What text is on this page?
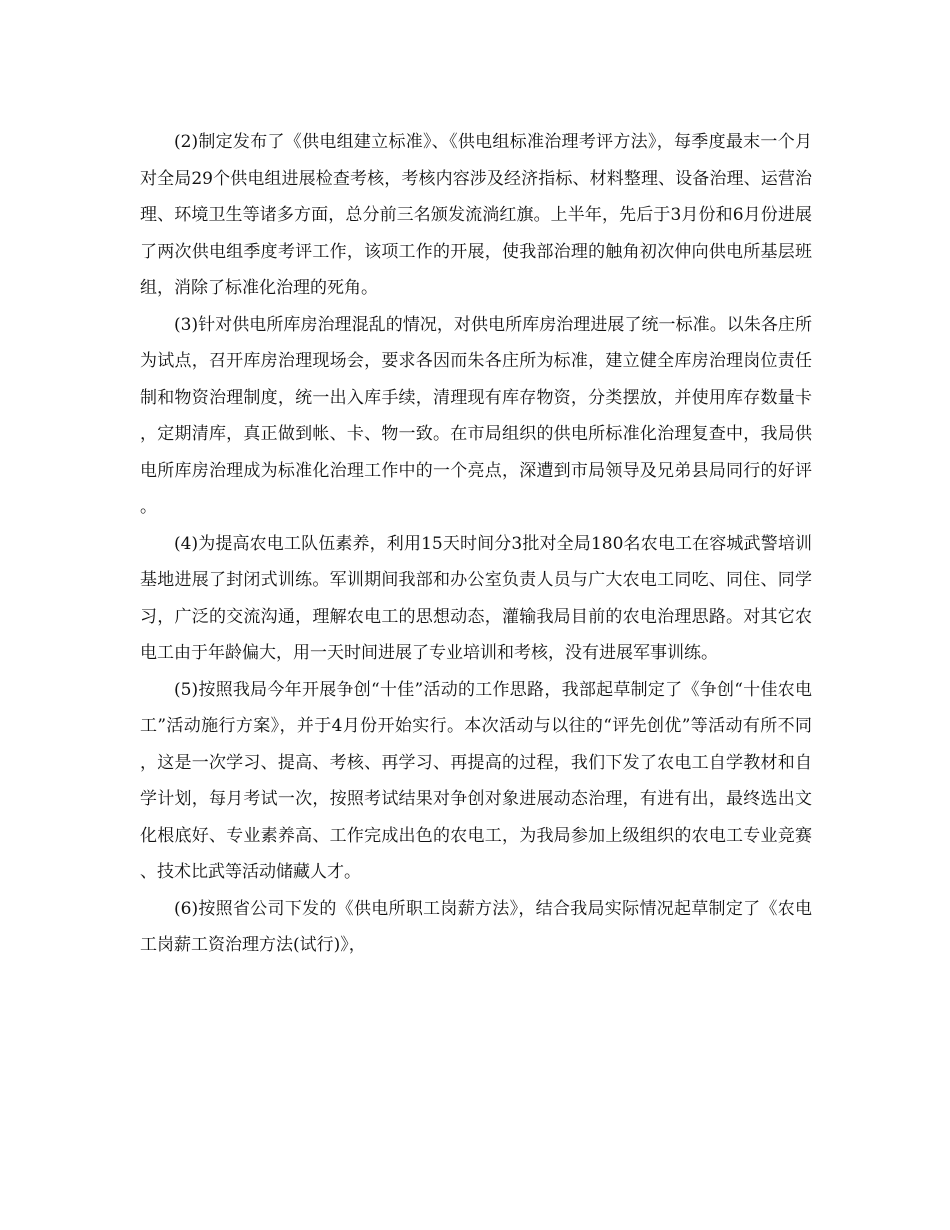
(2)制定发布了《供电组建立标准》、《供电组标准治理考评方法》，每季度最末一个月对全局29个供电组进展检查考核，考核内容涉及经济指标、材料整理、设备治理、运营治理、环境卫生等诸多方面，总分前三名颁发流淌红旗。上半年，先后于3月份和6月份进展了两次供电组季度考评工作，该项工作的开展，使我部治理的触角初次伸向供电所基层班组，消除了标准化治理的死角。

(3)针对供电所库房治理混乱的情况，对供电所库房治理进展了统一标准。以朱各庄所为试点，召开库房治理现场会，要求各因而朱各庄所为标准，建立健全库房治理岗位责任制和物资治理制度，统一出入库手续，清理现有库存物资，分类摆放，并使用库存数量卡，定期清库，真正做到帐、卡、物一致。在市局组织的供电所标准化治理复查中，我局供电所库房治理成为标准化治理工作中的一个亮点，深遭到市局领导及兄弟县局同行的好评。

(4)为提高农电工队伍素养，利用15天时间分3批对全局180名农电工在容城武警培训基地进展了封闭式训练。军训期间我部和办公室负责人员与广大农电工同吃、同住、同学习，广泛的交流沟通，理解农电工的思想动态，灌输我局目前的农电治理思路。对其它农电工由于年龄偏大，用一天时间进展了专业培训和考核，没有进展军事训练。

(5)按照我局今年开展争创“十佳”活动的工作思路，我部起草制定了《争创“十佳农电工”活动施行方案》，并于4月份开始实行。本次活动与以往的“评先创优”等活动有所不同，这是一次学习、提高、考核、再学习、再提高的过程，我们下发了农电工自学教材和自学计划，每月考试一次，按照考试结果对争创对象进展动态治理，有进有出，最终选出文化根底好、专业素养高、工作完成出色的农电工，为我局参加上级组织的农电工专业竞赛、技术比武等活动储藏人才。

(6)按照省公司下发的《供电所职工岗薪方法》，结合我局实际情况起草制定了《农电工岗薪工资治理方法(试行)》，
